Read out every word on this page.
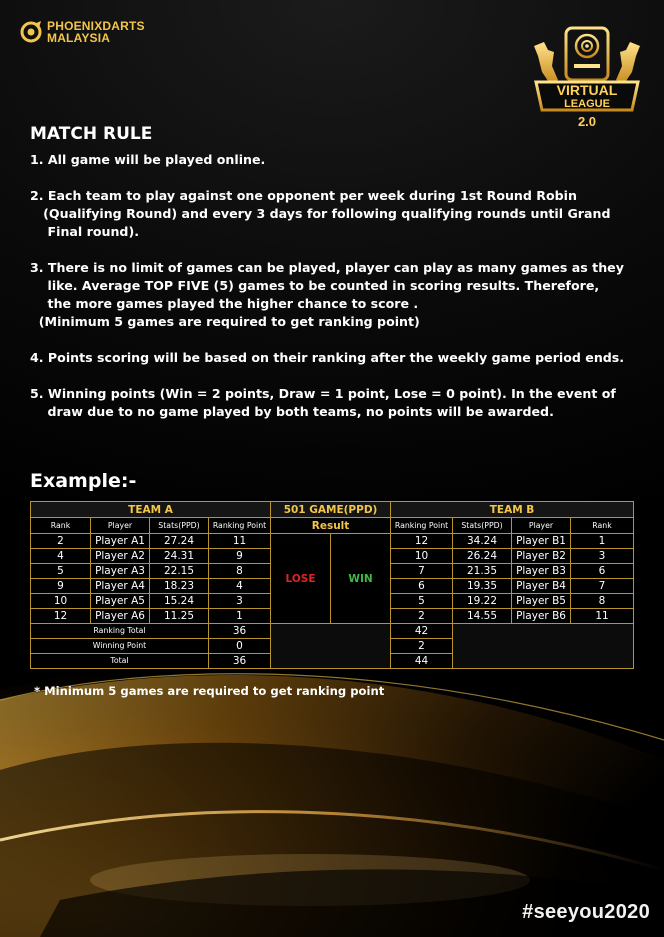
PHOENIXDARTS
MALAYSIA
VIRTUAL
LEAGUE
2.0
MATCH RULE

1. All game will be played online.

2. Each team to play against one opponent per week during 1st Round Robin
(Qualifying Round) and every 3 days for following qualifying rounds until Grand
Final round).

3. There is no limit of games can be played, player can play as many games as they
like. Average TOP FIVE (5) games to be counted in scoring results. Therefore,
the more games played the higher chance to score .
(Minimum 5 games are required to get ranking point)

4. Points scoring will be based on their ranking after the weekly game period ends.

5. Winning points (Win = 2 points, Draw = 1 point, Lose = 0 point). In the event of
draw due to no game played by both teams, no points will be awarded.

Example:-
TEAM A				501 GAME(PPD)		TEAM B			
Rank	Player	Stats(PPD)	Ranking Point	Result		Ranking Point	Stats(PPD)	Player	Rank
2	Player A1	27.24	11	LOSE	WIN	12	34.24	Player B1	1
4	Player A2	24.31	9			10	26.24	Player B2	3
5	Player A3	22.15	8			7	21.35	Player B3	6
9	Player A4	18.23	4			6	19.35	Player B4	7
10	Player A5	15.24	3			5	19.22	Player B5	8
12	Player A6	11.25	1			2	14.55	Player B6	11
Ranking Total			36			42			
Winning Point			0			2			
Total			36			44			
* Minimum 5 games are required to get ranking point
#seeyou2020
